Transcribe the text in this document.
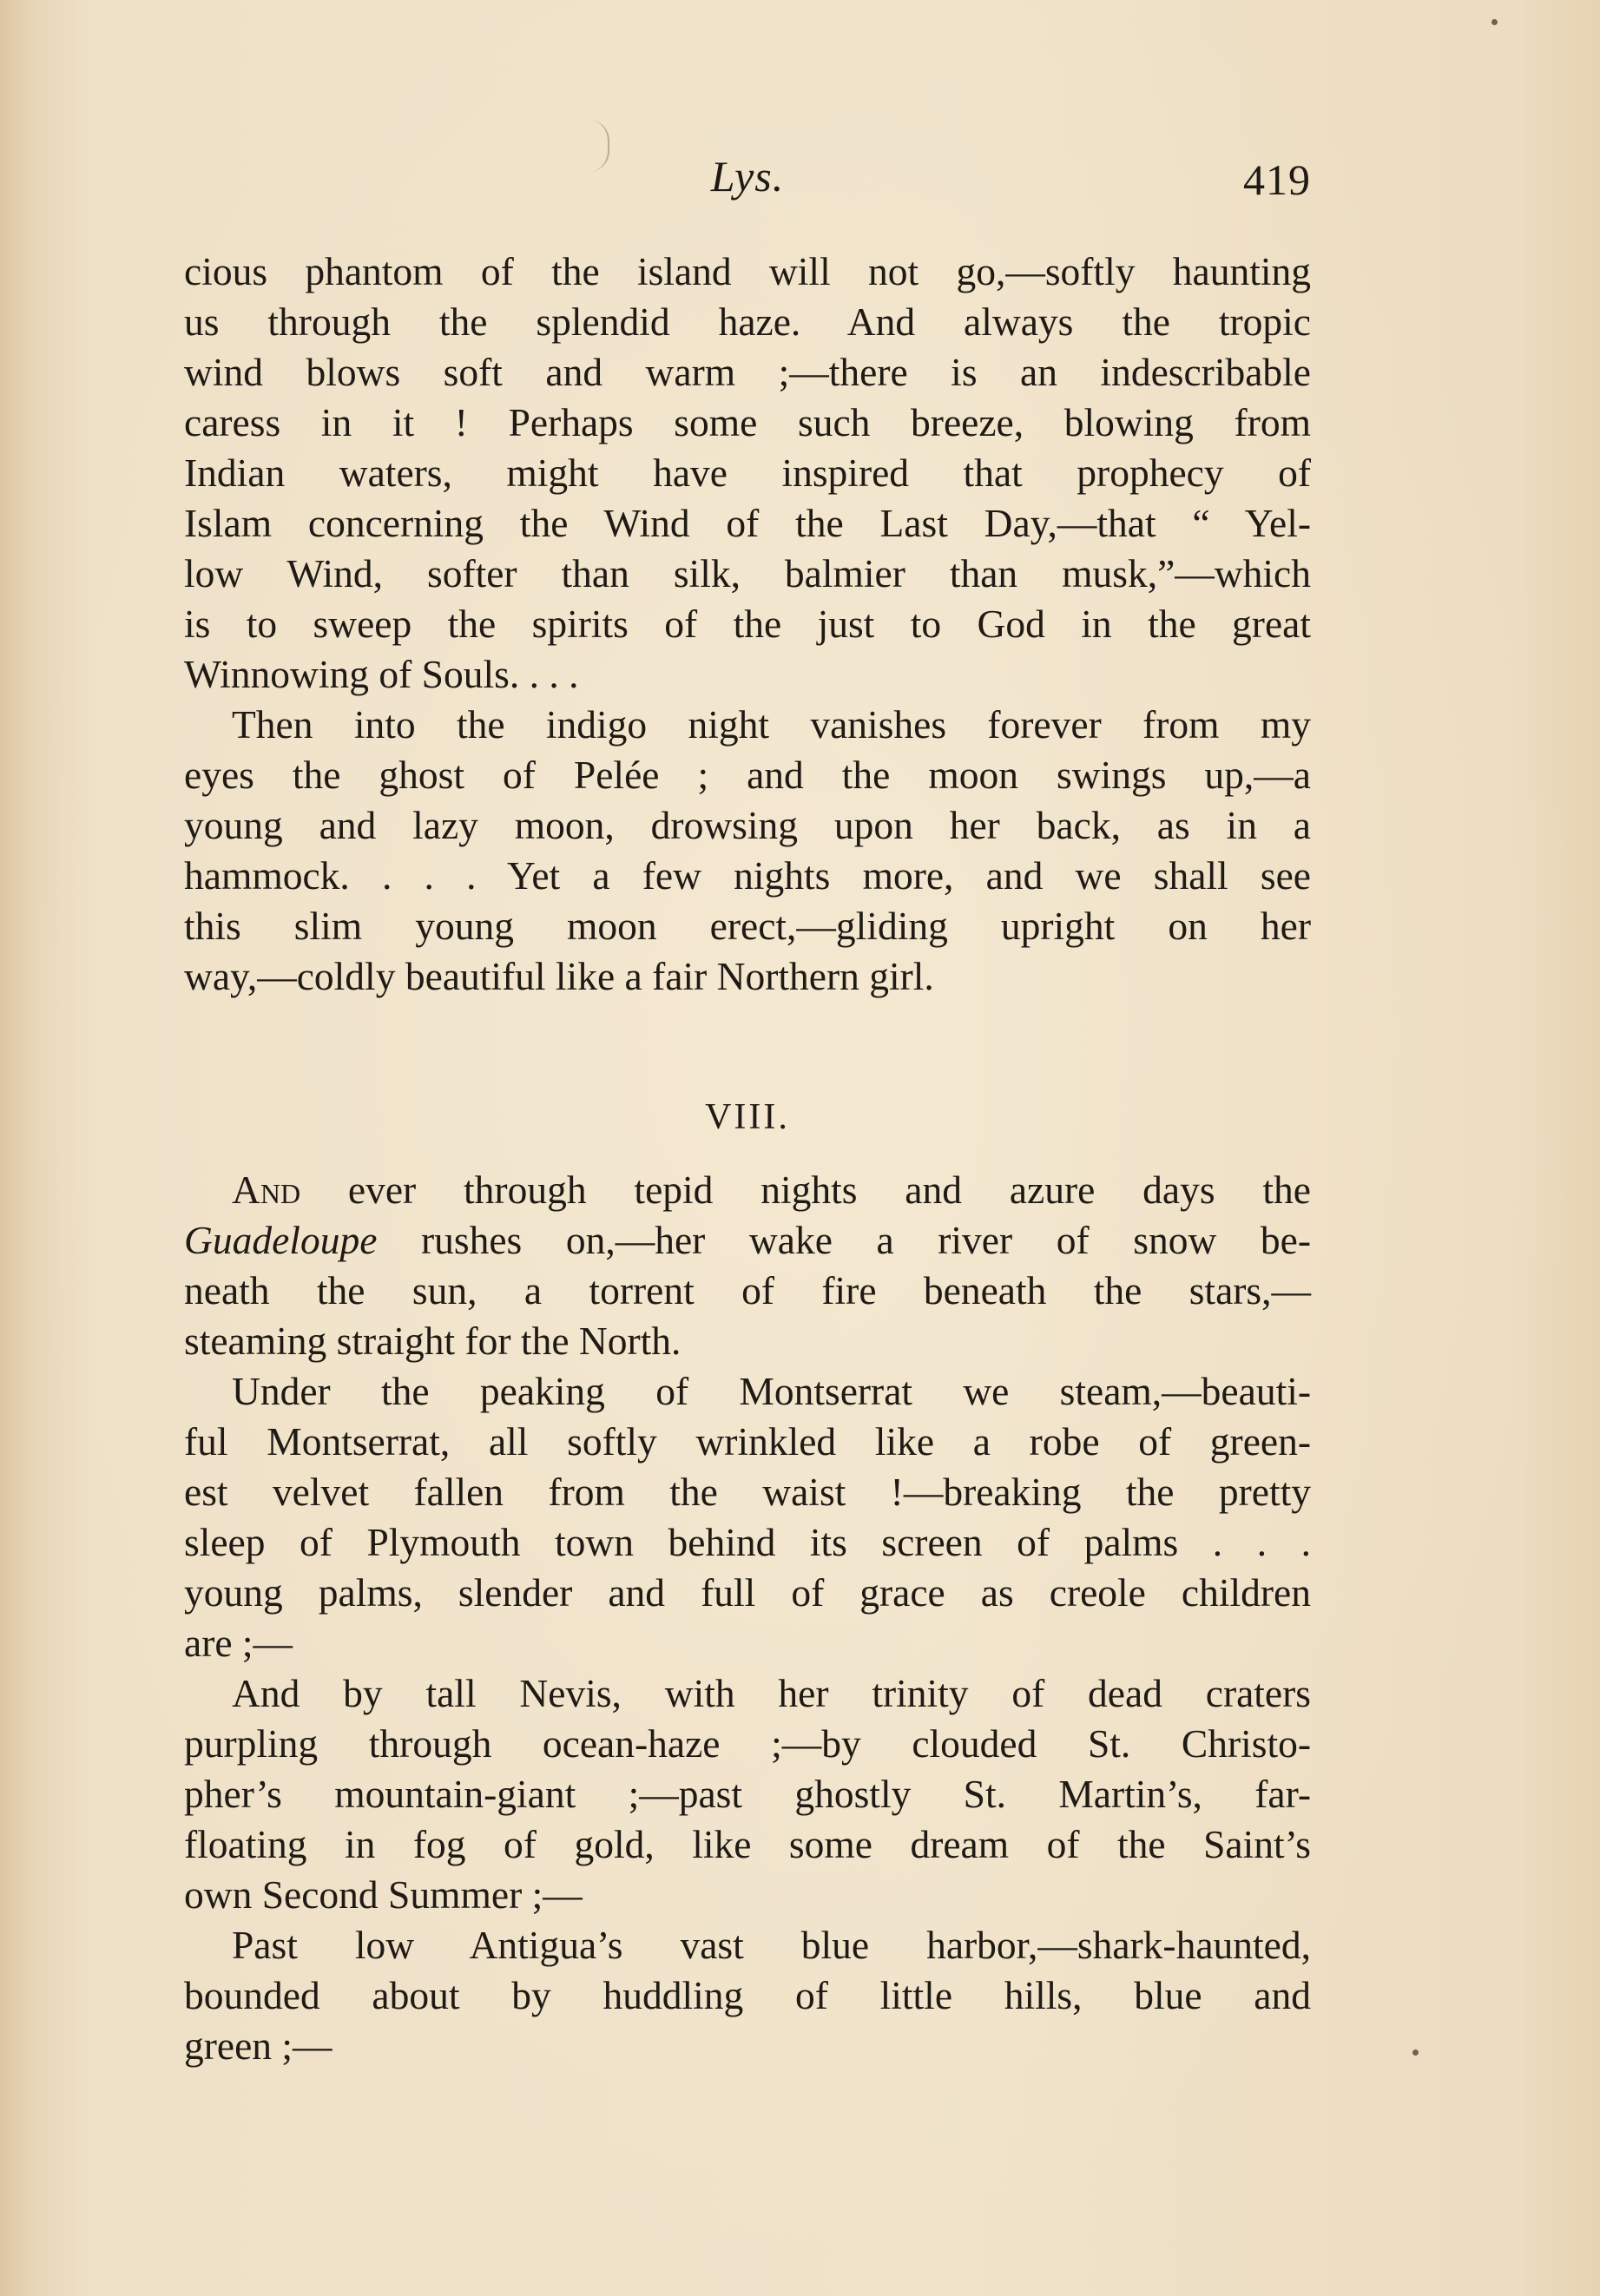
Lys.	419

cious phantom of the island will not go,—softly haunting
us through the splendid haze. And always the tropic
wind blows soft and warm ;—there is an indescribable
caress in it ! Perhaps some such breeze, blowing from
Indian waters, might have inspired that prophecy of
Islam concerning the Wind of the Last Day,—that “ Yel-
low Wind, softer than silk, balmier than musk,”—which
is to sweep the spirits of the just to God in the great
Winnowing of Souls. . . .

Then into the indigo night vanishes forever from my
eyes the ghost of Pelée ; and the moon swings up,—a
young and lazy moon, drowsing upon her back, as in a
hammock. . . . Yet a few nights more, and we shall see
this slim young moon erect,—gliding upright on her
way,—coldly beautiful like a fair Northern girl.

VIII.

And ever through tepid nights and azure days the
Guadeloupe rushes on,—her wake a river of snow be-
neath the sun, a torrent of fire beneath the stars,—
steaming straight for the North.

Under the peaking of Montserrat we steam,—beauti-
ful Montserrat, all softly wrinkled like a robe of green-
est velvet fallen from the waist !—breaking the pretty
sleep of Plymouth town behind its screen of palms . . .
young palms, slender and full of grace as creole children
are ;—

And by tall Nevis, with her trinity of dead craters
purpling through ocean-haze ;—by clouded St. Christo-
pher’s mountain-giant ;—past ghostly St. Martin’s, far-
floating in fog of gold, like some dream of the Saint’s
own Second Summer ;—

Past low Antigua’s vast blue harbor,—shark-haunted,
bounded about by huddling of little hills, blue and
green ;—
